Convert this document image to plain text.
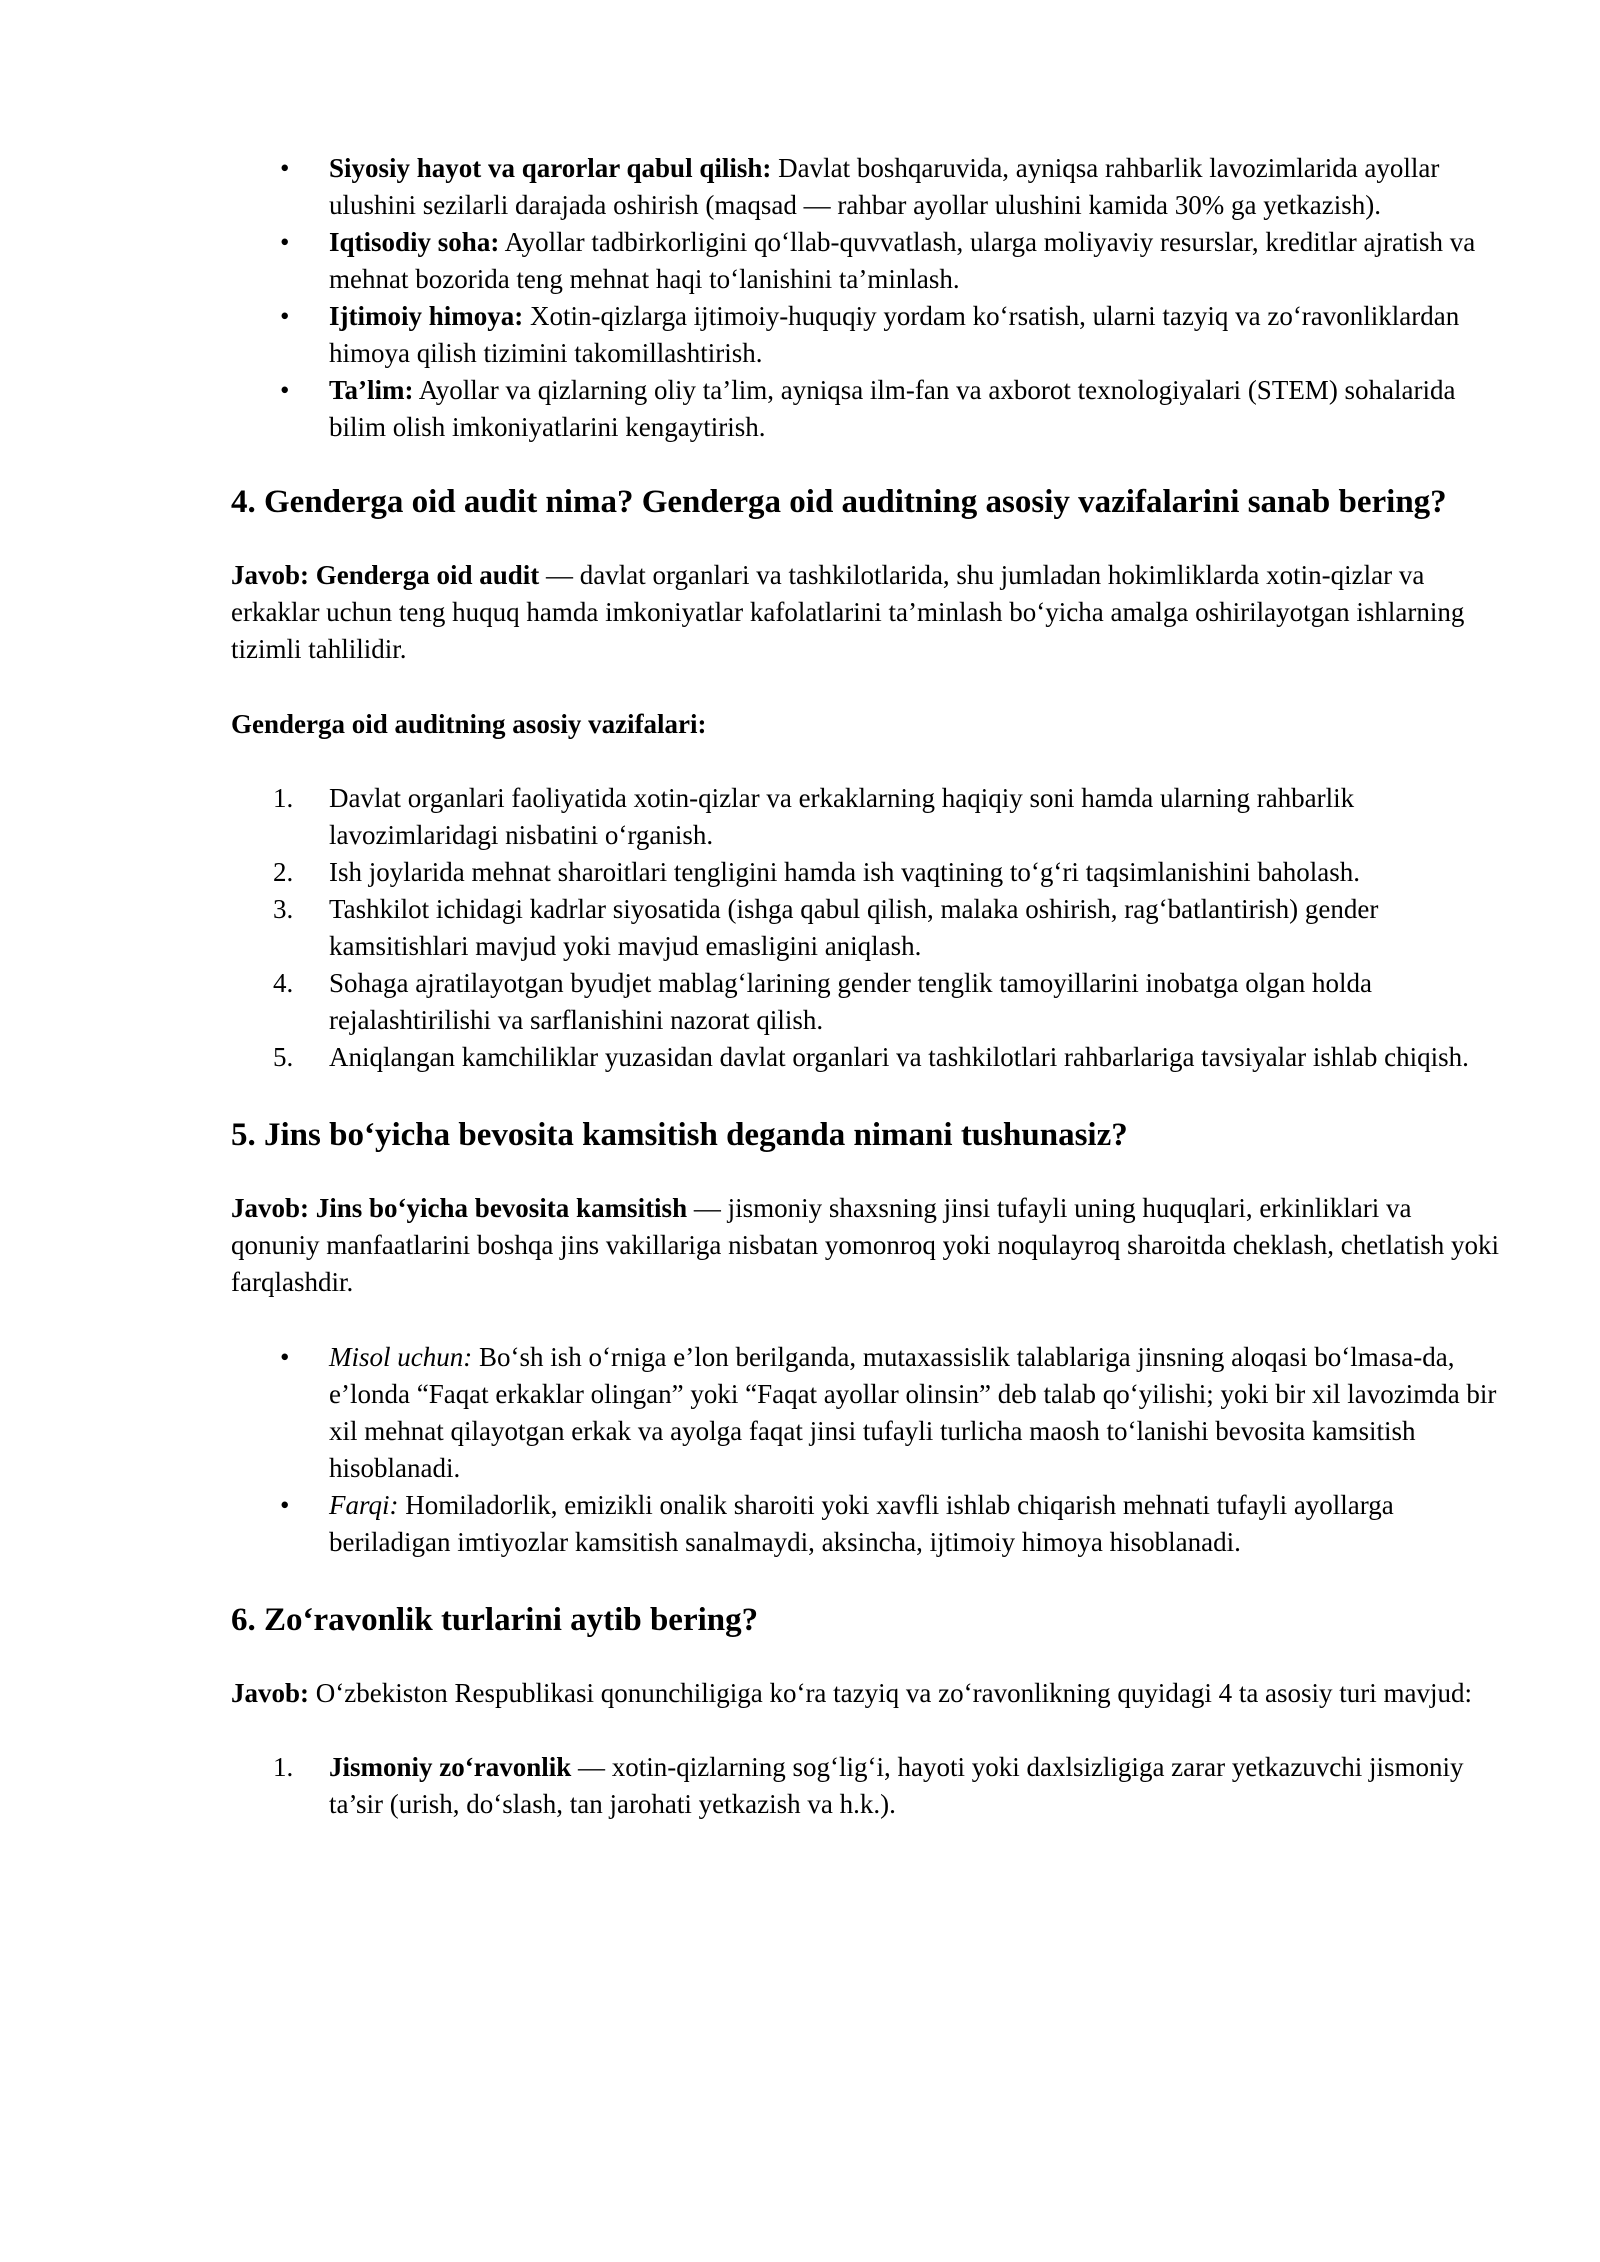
• Siyosiy hayot va qarorlar qabul qilish: Davlat boshqaruvida, ayniqsa rahbarlik lavozimlarida ayollar ulushini sezilarli darajada oshirish (maqsad — rahbar ayollar ulushini kamida 30% ga yetkazish).
• Iqtisodiy soha: Ayollar tadbirkorligini qo‘llab-quvvatlash, ularga moliyaviy resurslar, kreditlar ajratish va mehnat bozorida teng mehnat haqi to‘lanishini ta’minlash.
• Ijtimoiy himoya: Xotin-qizlarga ijtimoiy-huquqiy yordam ko‘rsatish, ularni tazyiq va zo‘ravonliklardan himoya qilish tizimini takomillashtirish.
• Ta’lim: Ayollar va qizlarning oliy ta’lim, ayniqsa ilm-fan va axborot texnologiyalari (STEM) sohalarida bilim olish imkoniyatlarini kengaytirish.
4. Genderga oid audit nima? Genderga oid auditning asosiy vazifalarini sanab bering?

Javob: Genderga oid audit — davlat organlari va tashkilotlarida, shu jumladan hokimliklarda xotin-qizlar va erkaklar uchun teng huquq hamda imkoniyatlar kafolatlarini ta’minlash bo‘yicha amalga oshirilayotgan ishlarning tizimli tahlilidir.

Genderga oid auditning asosiy vazifalari:

1. Davlat organlari faoliyatida xotin-qizlar va erkaklarning haqiqiy soni hamda ularning rahbarlik lavozimlaridagi nisbatini o‘rganish.
2. Ish joylarida mehnat sharoitlari tengligini hamda ish vaqtining to‘g‘ri taqsimlanishini baholash.
3. Tashkilot ichidagi kadrlar siyosatida (ishga qabul qilish, malaka oshirish, rag‘batlantirish) gender kamsitishlari mavjud yoki mavjud emasligini aniqlash.
4. Sohaga ajratilayotgan byudjet mablag‘larining gender tenglik tamoyillarini inobatga olgan holda rejalashtirilishi va sarflanishini nazorat qilish.
5. Aniqlangan kamchiliklar yuzasidan davlat organlari va tashkilotlari rahbarlariga tavsiyalar ishlab chiqish.
5. Jins bo‘yicha bevosita kamsitish deganda nimani tushunasiz?

Javob: Jins bo‘yicha bevosita kamsitish — jismoniy shaxsning jinsi tufayli uning huquqlari, erkinliklari va qonuniy manfaatlarini boshqa jins vakillariga nisbatan yomonroq yoki noqulayroq sharoitda cheklash, chetlatish yoki farqlashdir.

• Misol uchun: Bo‘sh ish o‘rniga e’lon berilganda, mutaxassislik talablariga jinsning aloqasi bo‘lmasa-da, e’londa “Faqat erkaklar olingan” yoki “Faqat ayollar olinsin” deb talab qo‘yilishi; yoki bir xil lavozimda bir xil mehnat qilayotgan erkak va ayolga faqat jinsi tufayli turlicha maosh to‘lanishi bevosita kamsitish hisoblanadi.
• Farqi: Homiladorlik, emizikli onalik sharoiti yoki xavfli ishlab chiqarish mehnati tufayli ayollarga beriladigan imtiyozlar kamsitish sanalmaydi, aksincha, ijtimoiy himoya hisoblanadi.
6. Zo‘ravonlik turlarini aytib bering?

Javob: O‘zbekiston Respublikasi qonunchiligiga ko‘ra tazyiq va zo‘ravonlikning quyidagi 4 ta asosiy turi mavjud:

1. Jismoniy zo‘ravonlik — xotin-qizlarning sog‘lig‘i, hayoti yoki daxlsizligiga zarar yetkazuvchi jismoniy ta’sir (urish, do‘slash, tan jarohati yetkazish va h.k.).
